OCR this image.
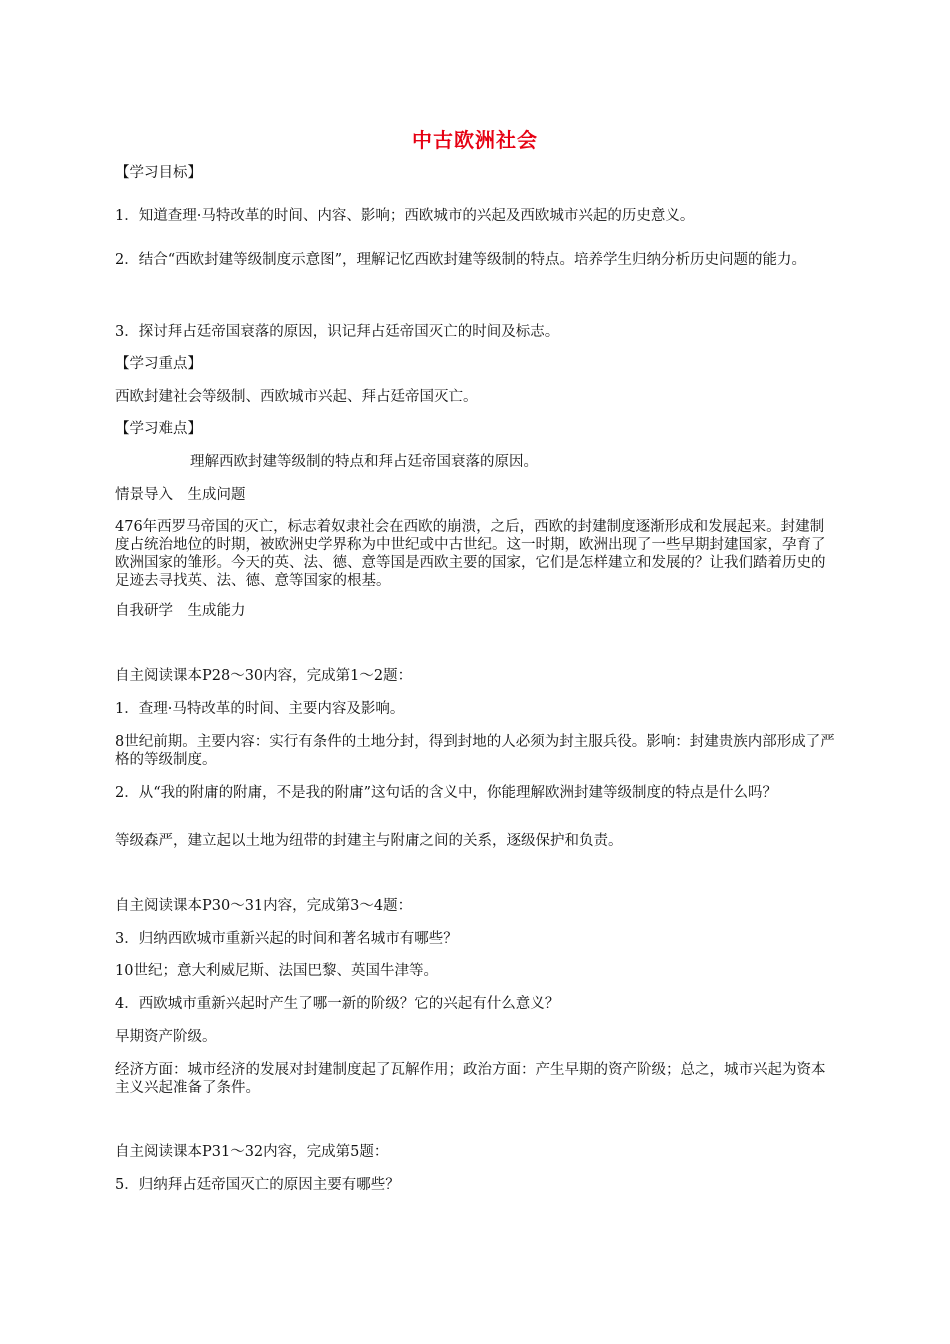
中古欧洲社会
【学习目标】
1．知道查理·马特改革的时间、内容、影响；西欧城市的兴起及西欧城市兴起的历史意义。
2．结合“西欧封建等级制度示意图”，理解记忆西欧封建等级制的特点。培养学生归纳分析历史问题的能力。
3．探讨拜占廷帝国衰落的原因，识记拜占廷帝国灭亡的时间及标志。
【学习重点】
西欧封建社会等级制、西欧城市兴起、拜占廷帝国灭亡。
【学习难点】
理解西欧封建等级制的特点和拜占廷帝国衰落的原因。
情景导入　生成问题
476年西罗马帝国的灭亡，标志着奴隶社会在西欧的崩溃，之后，西欧的封建制度逐渐形成和发展起来。封建制度占统治地位的时期，被欧洲史学界称为中世纪或中古世纪。这一时期，欧洲出现了一些早期封建国家，孕育了欧洲国家的雏形。今天的英、法、德、意等国是西欧主要的国家，它们是怎样建立和发展的？让我们踏着历史的足迹去寻找英、法、德、意等国家的根基。
自我研学　生成能力
自主阅读课本P28～30内容，完成第1～2题：
1．查理·马特改革的时间、主要内容及影响。
8世纪前期。主要内容：实行有条件的土地分封，得到封地的人必须为封主服兵役。影响：封建贵族内部形成了严格的等级制度。
2．从“我的附庸的附庸，不是我的附庸”这句话的含义中，你能理解欧洲封建等级制度的特点是什么吗？
等级森严，建立起以土地为纽带的封建主与附庸之间的关系，逐级保护和负责。
自主阅读课本P30～31内容，完成第3～4题：
3．归纳西欧城市重新兴起的时间和著名城市有哪些？
10世纪；意大利威尼斯、法国巴黎、英国牛津等。
4．西欧城市重新兴起时产生了哪一新的阶级？它的兴起有什么意义？
早期资产阶级。
经济方面：城市经济的发展对封建制度起了瓦解作用；政治方面：产生早期的资产阶级；总之，城市兴起为资本主义兴起准备了条件。
自主阅读课本P31～32内容，完成第5题：
5．归纳拜占廷帝国灭亡的原因主要有哪些？
